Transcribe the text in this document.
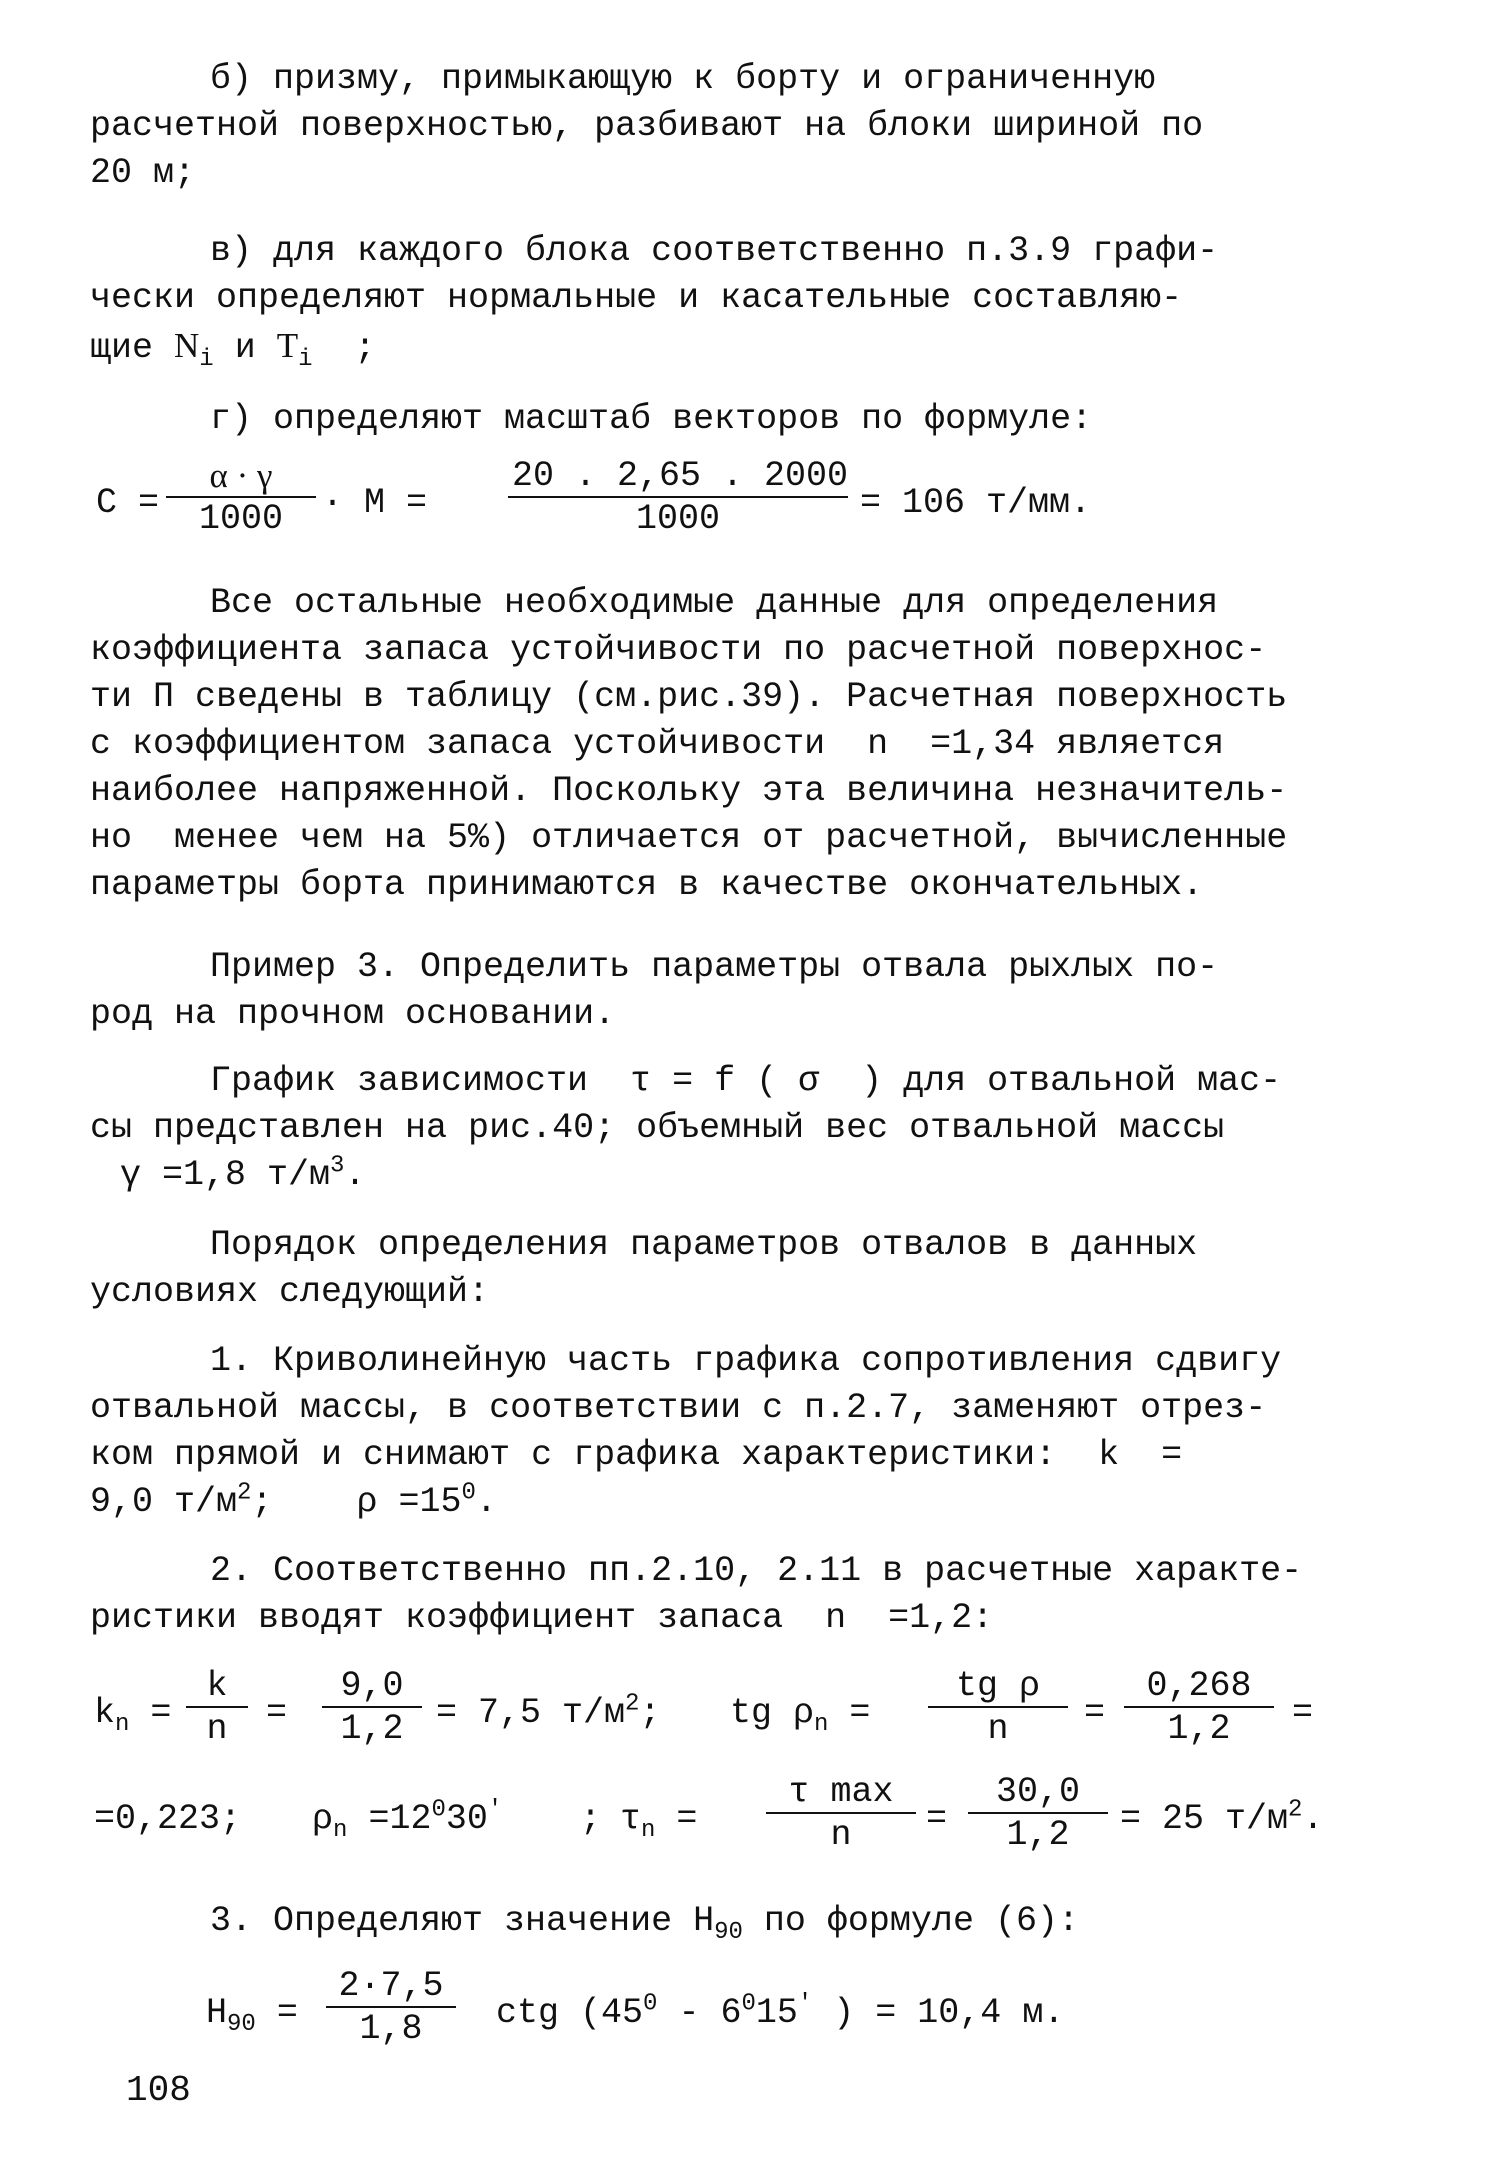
б) призму, примыкающую к борту и ограниченную
расчетной поверхностью, разбивают на блоки шириной по
20 м;
в) для каждого блока соответственно п.3.9 графи-
чески определяют нормальные и касательные составляю-
щие $N_i$ и $T_i$  ;
г) определяют масштаб векторов по формуле:
$C = \frac{\alpha \cdot \gamma}{1000} \cdot M = \frac{20 . 2,65 . 2000}{1000} = 106$ т/мм.
Все остальные необходимые данные для определения
коэффициента запаса устойчивости по расчетной поверхнос-
ти П сведены в таблицу (см.рис.39). Расчетная поверхность
с коэффициентом запаса устойчивости  n  =1,34 является
наиболее напряженной. Поскольку эта величина незначитель-
но  менее чем на 5%) отличается от расчетной, вычисленные
параметры борта принимаются в качестве окончательных.
Пример 3. Определить параметры отвала рыхлых по-
род на прочном основании.
График зависимости  τ = f ( σ  ) для отвальной мас-
сы представлен на рис.40; объемный вес отвальной массы
γ =1,8 $т/м^3$.
Порядок определения параметров отвалов в данных
условиях следующий:
1. Криволинейную часть графика сопротивления сдвигу
отвальной массы, в соответствии с п.2.7, заменяют отрез-
ком прямой и снимают с графика характеристики:  k  =
9,0 $т/м^2$;    $\rho =15^0$.
2. Соответственно пп.2.10, 2.11 в расчетные характе-
ристики вводят коэффициент запаса  n  =1,2:
$k_n = \frac{k}{n} = \frac{9,0}{1,2} = 7,5$ $т/м^2$; tg $\rho_n = \frac{\text{tg ρ}}{n} = \frac{0,268}{1,2}$ =
=0,223; $\rho_n =12^030'$ ; $\tau_n$ =
τ max
n	= $\frac{30,0}{1,2} = 25$ $т/м^2$.
3. Определяют значение $H_{90}$ по формуле (6):
$H_{90} = \frac{2\cdot 7,5}{1,8}$ ctg ($45^0 - 6^015'$ ) = 10,4 м.
108
